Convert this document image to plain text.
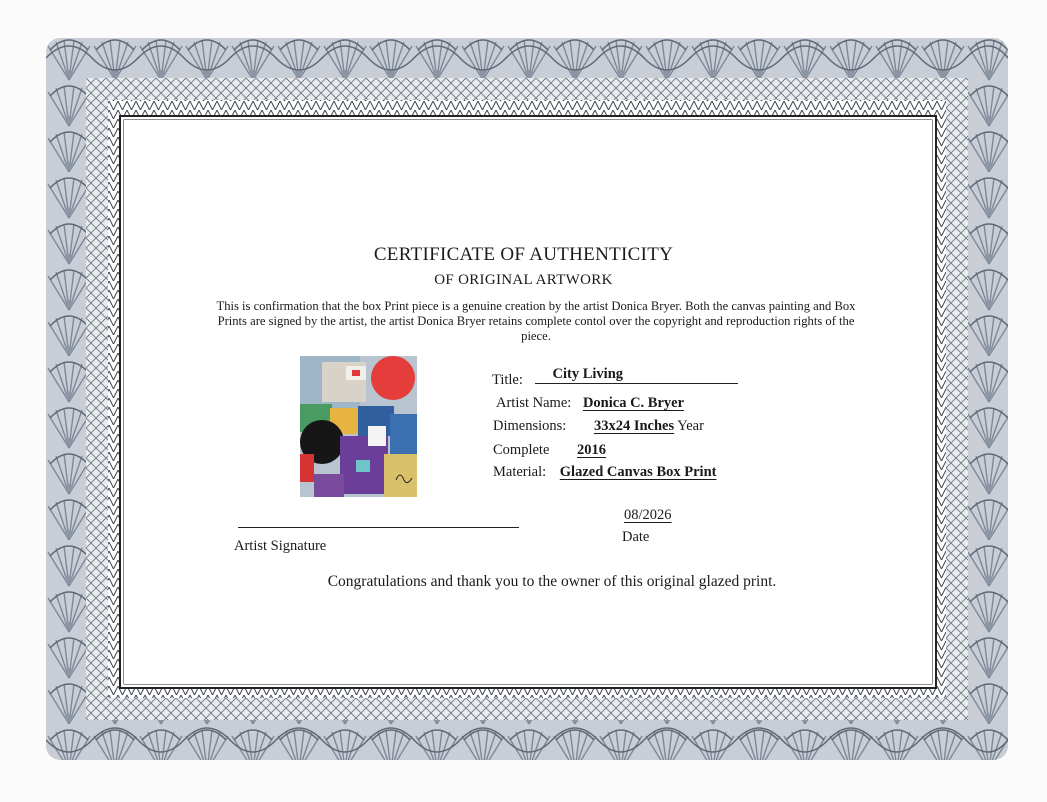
CERTIFICATE OF AUTHENTICITY
OF ORIGINAL ARTWORK

This is confirmation that the box Print piece is a genuine creation by the artist Donica Bryer. Both the canvas painting and Box Prints are signed by the artist, the artist Donica Bryer retains complete contol over the copyright and reproduction rights of the piece.

Title: City Living
Artist Name: Donica C. Bryer
Dimensions: 33x24 Inches Year
Complete 2016
Material: Glazed Canvas Box Print
Artist Signature
08/2026
Date
Congratulations and thank you to the owner of this original glazed print.
